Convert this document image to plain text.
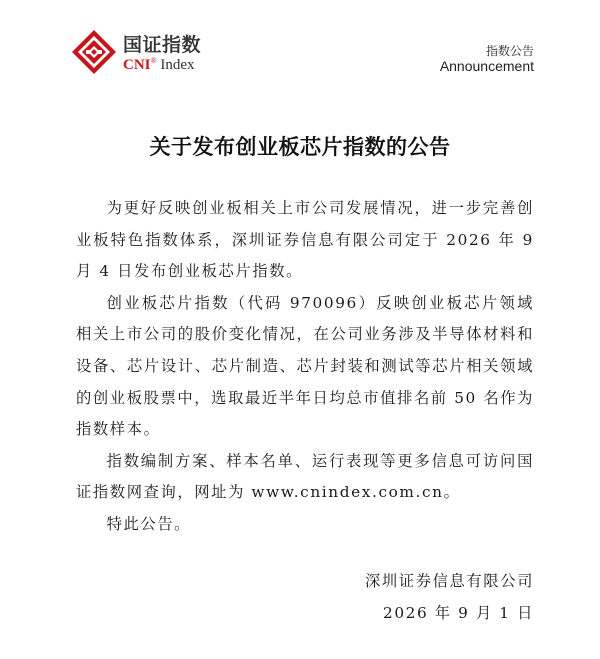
国证指数
CNI® Index
指数公告
Announcement
关于发布创业板芯片指数的公告

为更好反映创业板相关上市公司发展情况，进一步完善创业板特色指数体系，深圳证券信息有限公司定于 2026 年 9 月 4 日发布创业板芯片指数。

创业板芯片指数（代码 970096）反映创业板芯片领域相关上市公司的股价变化情况，在公司业务涉及半导体材料和设备、芯片设计、芯片制造、芯片封装和测试等芯片相关领域的创业板股票中，选取最近半年日均总市值排名前 50 名作为指数样本。

指数编制方案、样本名单、运行表现等更多信息可访问国证指数网查询，网址为 www.cnindex.com.cn。

特此公告。

深圳证券信息有限公司
2026 年 9 月 1 日
